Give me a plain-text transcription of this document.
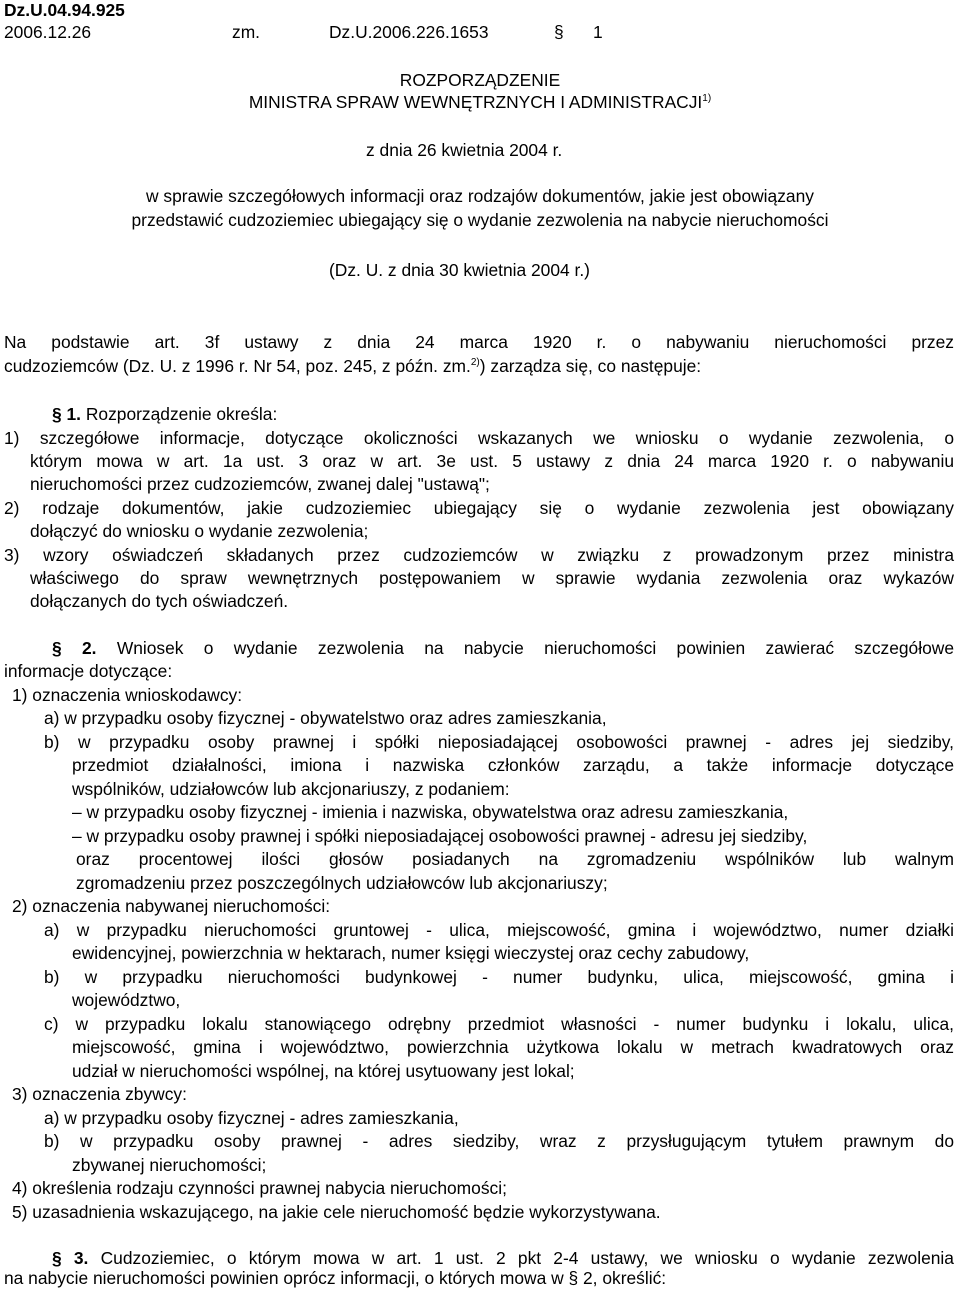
Dz.U.04.94.925
2006.12.26	zm.	Dz.U.2006.226.1653	§ 1
ROZPORZĄDZENIE
MINISTRA SPRAW WEWNĘTRZNYCH I ADMINISTRACJI$^{1)}$
z dnia 26 kwietnia 2004 r.
w sprawie szczegółowych informacji oraz rodzajów dokumentów, jakie jest obowiązany
przedstawić cudzoziemiec ubiegający się o wydanie zezwolenia na nabycie nieruchomości
(Dz. U. z dnia 30 kwietnia 2004 r.)
Na podstawie art. 3f ustawy z dnia 24 marca 1920 r. o nabywaniu nieruchomości przez
cudzoziemców (Dz. U. z 1996 r. Nr 54, poz. 245, z późn. zm.$^{2)}$) zarządza się, co następuje:
§ 1. Rozporządzenie określa:
1) szczegółowe informacje, dotyczące okoliczności wskazanych we wniosku o wydanie zezwolenia, o
którym mowa w art. 1a ust. 3 oraz w art. 3e ust. 5 ustawy z dnia 24 marca 1920 r. o nabywaniu
nieruchomości przez cudzoziemców, zwanej dalej "ustawą";
2) rodzaje dokumentów, jakie cudzoziemiec ubiegający się o wydanie zezwolenia jest obowiązany
dołączyć do wniosku o wydanie zezwolenia;
3) wzory oświadczeń składanych przez cudzoziemców w związku z prowadzonym przez ministra
właściwego do spraw wewnętrznych postępowaniem w sprawie wydania zezwolenia oraz wykazów
dołączanych do tych oświadczeń.
§ 2. Wniosek o wydanie zezwolenia na nabycie nieruchomości powinien zawierać szczegółowe
informacje dotyczące:
1) oznaczenia wnioskodawcy:
a) w przypadku osoby fizycznej - obywatelstwo oraz adres zamieszkania,
b) w przypadku osoby prawnej i spółki nieposiadającej osobowości prawnej - adres jej siedziby,
przedmiot działalności, imiona i nazwiska członków zarządu, a także informacje dotyczące
wspólników, udziałowców lub akcjonariuszy, z podaniem:
– w przypadku osoby fizycznej - imienia i nazwiska, obywatelstwa oraz adresu zamieszkania,
– w przypadku osoby prawnej i spółki nieposiadającej osobowości prawnej - adresu jej siedziby,
oraz procentowej ilości głosów posiadanych na zgromadzeniu wspólników lub walnym
zgromadzeniu przez poszczególnych udziałowców lub akcjonariuszy;
2) oznaczenia nabywanej nieruchomości:
a) w przypadku nieruchomości gruntowej - ulica, miejscowość, gmina i województwo, numer działki
ewidencyjnej, powierzchnia w hektarach, numer księgi wieczystej oraz cechy zabudowy,
b) w przypadku nieruchomości budynkowej - numer budynku, ulica, miejscowość, gmina i
województwo,
c) w przypadku lokalu stanowiącego odrębny przedmiot własności - numer budynku i lokalu, ulica,
miejscowość, gmina i województwo, powierzchnia użytkowa lokalu w metrach kwadratowych oraz
udział w nieruchomości wspólnej, na której usytuowany jest lokal;
3) oznaczenia zbywcy:
a) w przypadku osoby fizycznej - adres zamieszkania,
b) w przypadku osoby prawnej - adres siedziby, wraz z przysługującym tytułem prawnym do
zbywanej nieruchomości;
4) określenia rodzaju czynności prawnej nabycia nieruchomości;
5) uzasadnienia wskazującego, na jakie cele nieruchomość będzie wykorzystywana.
§ 3. Cudzoziemiec, o którym mowa w art. 1 ust. 2 pkt 2-4 ustawy, we wniosku o wydanie zezwolenia
na nabycie nieruchomości powinien oprócz informacji, o których mowa w § 2, określić:
